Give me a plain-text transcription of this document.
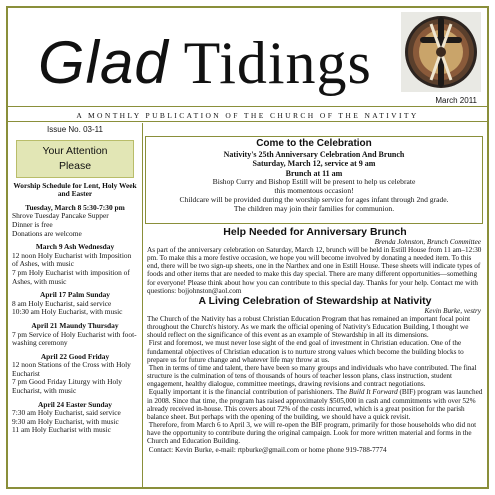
Glad Tidings
March 2011
A MONTHLY PUBLICATION OF THE CHURCH OF THE NATIVITY
Issue No. 03-11
Your Attention
Please
Worship Schedule for Lent, Holy Week and Easter
Tuesday, March 8 5:30-7:30 pm
Shrove Tuesday Pancake Supper
Dinner is free
Donations are welcome
March 9 Ash Wednesday
12 noon Holy Eucharist with Imposition of Ashes, with music
7 pm Holy Eucharist with imposition of Ashes, with music
April 17 Palm Sunday
8 am Holy Eucharist, said service
10:30 am Holy Eucharist, with music
April 21 Maundy Thursday
7 pm Service of Holy Eucharist with foot-washing ceremony
April 22 Good Friday
12 noon Stations of the Cross with Holy Eucharist
7 pm Good Friday Liturgy with Holy Eucharist, with music
April 24 Easter Sunday
7:30 am Holy Eucharist, said service
9:30 am Holy Eucharist, with music
11 am Holy Eucharist with music
Come to the Celebration
Nativity's 25th Anniversary Celebration And Brunch
Saturday, March 12, service at 9 am
Brunch at 11 am
Bishop Curry and Bishop Estill will be present to help us celebrate
this momentous occasion!
Childcare will be provided during the worship service for ages infant through 2nd grade.
The children may join their families for communion.
Help Needed for Anniversary Brunch
Brenda Johnston, Brunch Committee
As part of the anniversary celebration on Saturday, March 12, brunch will be held in Estill House from 11 am–12:30 pm. To make this a more festive occasion, we hope you will become involved by donating a needed item. To this end, there will be two sign-up sheets, one in the Narthex and one in Estill House. These sheets will indicate types of foods and other items that are needed to make this day special. There are many different opportunities—something for everyone! Please think about how you can contribute to this special day. Thanks for your help. Contact me with questions: bojjohnston@aol.com
A Living Celebration of Stewardship at Nativity
Kevin Burke, vestry

The Church of the Nativity has a robust Christian Education Program that has remained an important focal point throughout the Church's history. As we mark the official opening of Nativity's Education Building, I thought we should reflect on the significance of this event as an example of Stewardship in all its dimensions.

First and foremost, we must never lose sight of the end goal of investment in Christian education. One of the fundamental objectives of Christian education is to nurture strong values which become the building blocks to prepare us for future change and whatever life may throw at us.

Then in terms of time and talent, there have been so many groups and individuals who have contributed. The final structure is the culmination of tens of thousands of hours of teacher lesson plans, class instruction, student engagement, healthy dialogue, committee meetings, drawing revisions and contract negotiations.

Equally important it is the financial contribution of parishioners. The Build It Forward (BIF) program was launched in 2008. Since that time, the program has raised approximately $505,000 in cash and commitments with over 52% already received in-house. This covers about 72% of the costs incurred, which is a great position for the parish balance sheet. But perhaps with the opening of the building, we should have a quick revisit.

Therefore, from March 6 to April 3, we will re-open the BIF program, primarily for those households who did not have the opportunity to contribute during the original campaign. Look for more written material and forms in the Church and Education Building.

Contact: Kevin Burke, e-mail: rtpburke@gmail.com or home phone 919-788-7774
